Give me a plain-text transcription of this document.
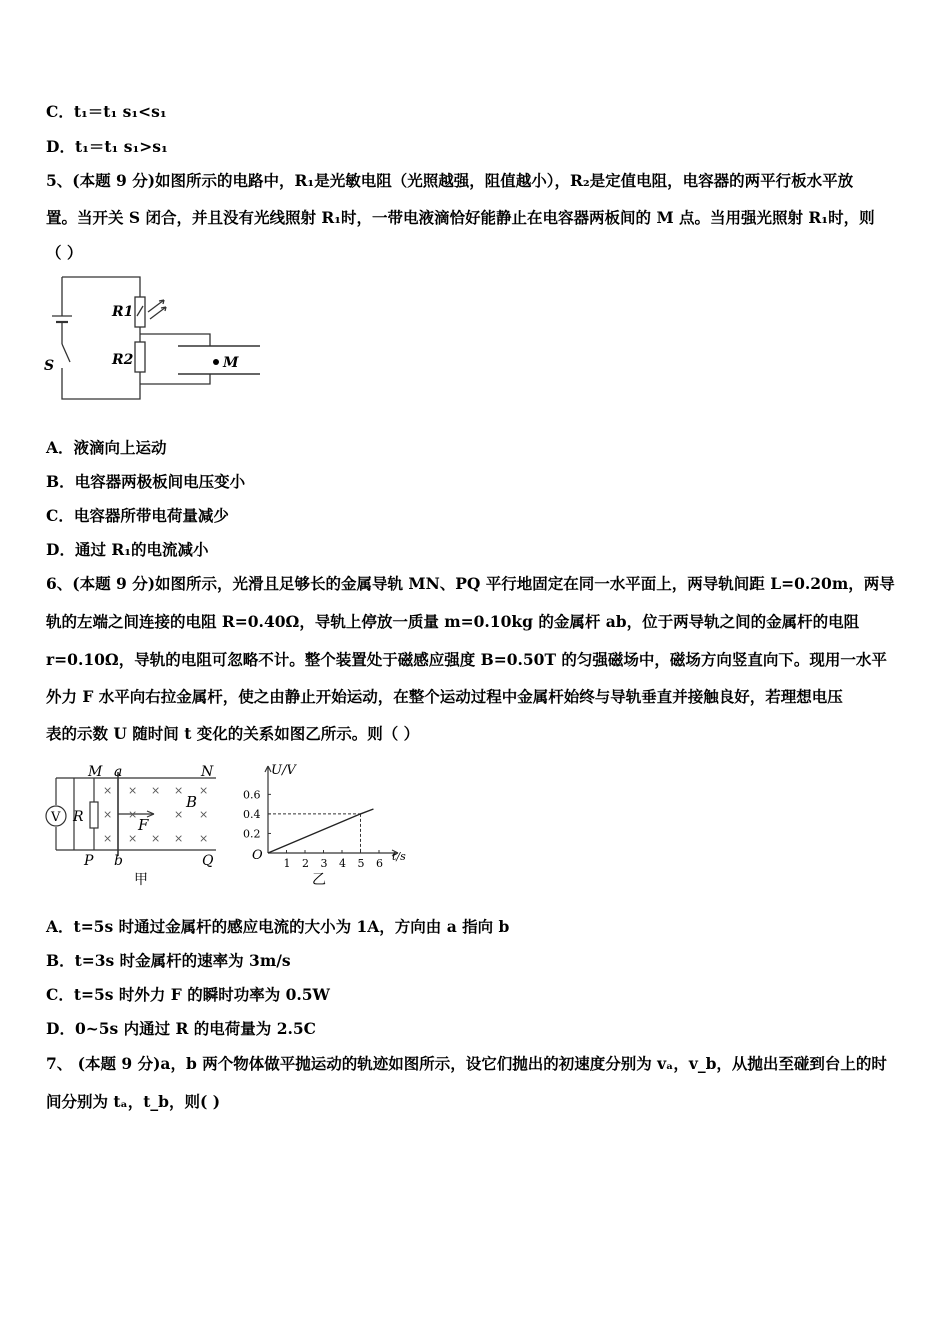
C．t₁＝t₁ s₁<s₁
D．t₁＝t₁ s₁>s₁
5、(本题 9 分)如图所示的电路中，R₁是光敏电阻（光照越强，阻值越小），R₂是定值电阻，电容器的两平行板水平放
置。当开关 S 闭合，并且没有光线照射 R₁时，一带电液滴恰好能静止在电容器两板间的 M 点。当用强光照射 R₁时，则
（ ）
R1
R2
S	M
A．液滴向上运动
B．电容器两极板间电压变小
C．电容器所带电荷量减少
D．通过 R₁的电流减小
6、(本题 9 分)如图所示，光滑且足够长的金属导轨 MN、PQ 平行地固定在同一水平面上，两导轨间距 L=0.20m，两导
轨的左端之间连接的电阻 R=0.40Ω，导轨上停放一质量 m=0.10kg 的金属杆 ab，位于两导轨之间的金属杆的电阻
r=0.10Ω，导轨的电阻可忽略不计。整个装置处于磁感应强度 B=0.50T 的匀强磁场中，磁场方向竖直向下。现用一水平
外力 F 水平向右拉金属杆，使之由静止开始运动，在整个运动过程中金属杆始终与导轨垂直并接触良好，若理想电压
表的示数 U 随时间 t 变化的关系如图乙所示。则（ ）
V R
× × × × ×
× ×	× ×
× × × × ×
M a	N
P b	Q
B
F
甲
1 2 3 4 5 6
0.2
0.4
0.6
U/V
t/s
O
乙
A．t=5s 时通过金属杆的感应电流的大小为 1A，方向由 a 指向 b
B．t=3s 时金属杆的速率为 3m/s
C．t=5s 时外力 F 的瞬时功率为 0.5W
D．0~5s 内通过 R 的电荷量为 2.5C
7、 (本题 9 分)a，b 两个物体做平抛运动的轨迹如图所示，设它们抛出的初速度分别为 vₐ，v_b，从抛出至碰到台上的时
间分别为 tₐ，t_b，则( )
